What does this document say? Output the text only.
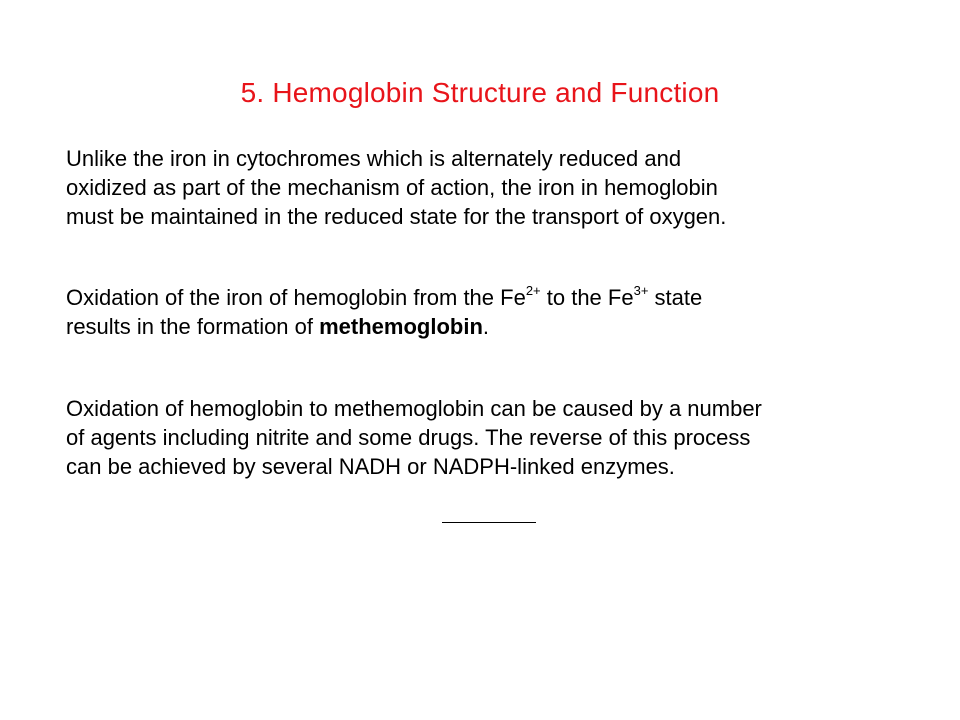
5. Hemoglobin Structure and Function
Unlike the iron in cytochromes which is alternately reduced and
oxidized as part of the mechanism of action, the iron in hemoglobin
must be maintained in the reduced state for the transport of oxygen.
Oxidation of the iron of hemoglobin from the $Fe^{2+}$ to the $Fe^{3+}$ state
results in the formation of methemoglobin.
Oxidation of hemoglobin to methemoglobin can be caused by a number
of agents including nitrite and some drugs. The reverse of this process
can be achieved by several NADH or NADPH-linked enzymes.
